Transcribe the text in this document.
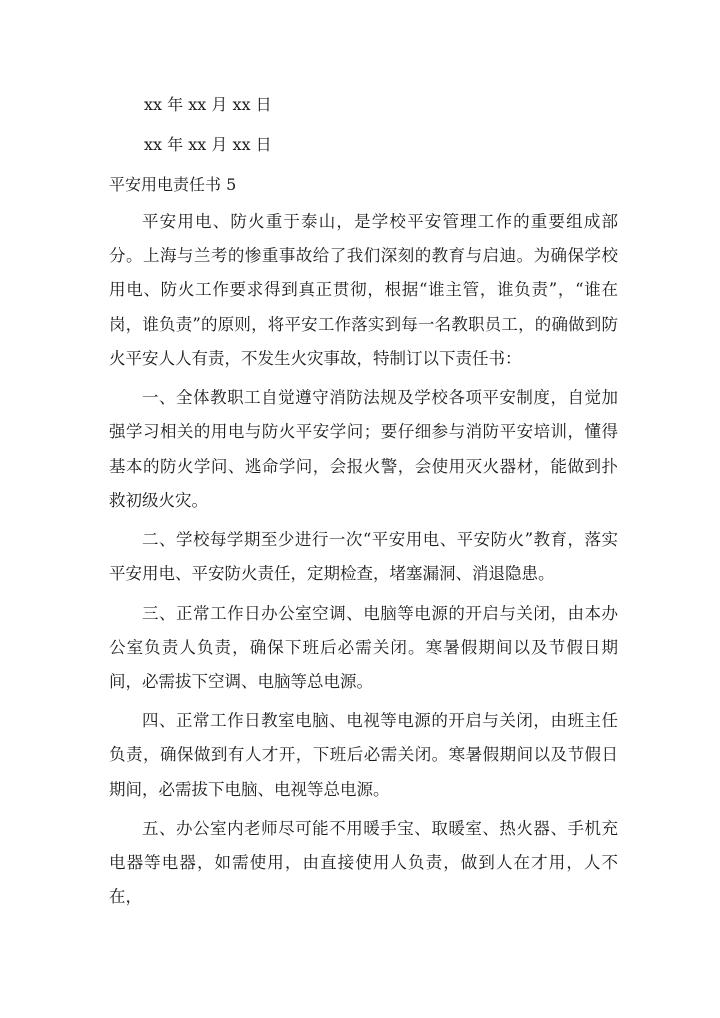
xx 年 xx 月 xx 日
xx 年 xx 月 xx 日
平安用电责任书 5

平安用电、防火重于泰山，是学校平安管理工作的重要组成部分。上海与兰考的惨重事故给了我们深刻的教育与启迪。为确保学校用电、防火工作要求得到真正贯彻，根据“谁主管，谁负责”，“谁在岗，谁负责”的原则，将平安工作落实到每一名教职员工，的确做到防火平安人人有责，不发生火灾事故，特制订以下责任书：

一、全体教职工自觉遵守消防法规及学校各项平安制度，自觉加强学习相关的用电与防火平安学问；要仔细参与消防平安培训，懂得基本的防火学问、逃命学问，会报火警，会使用灭火器材，能做到扑救初级火灾。

二、学校每学期至少进行一次“平安用电、平安防火”教育，落实平安用电、平安防火责任，定期检查，堵塞漏洞、消退隐患。

三、正常工作日办公室空调、电脑等电源的开启与关闭，由本办公室负责人负责，确保下班后必需关闭。寒暑假期间以及节假日期间，必需拔下空调、电脑等总电源。

四、正常工作日教室电脑、电视等电源的开启与关闭，由班主任负责，确保做到有人才开，下班后必需关闭。寒暑假期间以及节假日期间，必需拔下电脑、电视等总电源。

五、办公室内老师尽可能不用暖手宝、取暖室、热火器、手机充电器等电器，如需使用，由直接使用人负责，做到人在才用，人不在，
